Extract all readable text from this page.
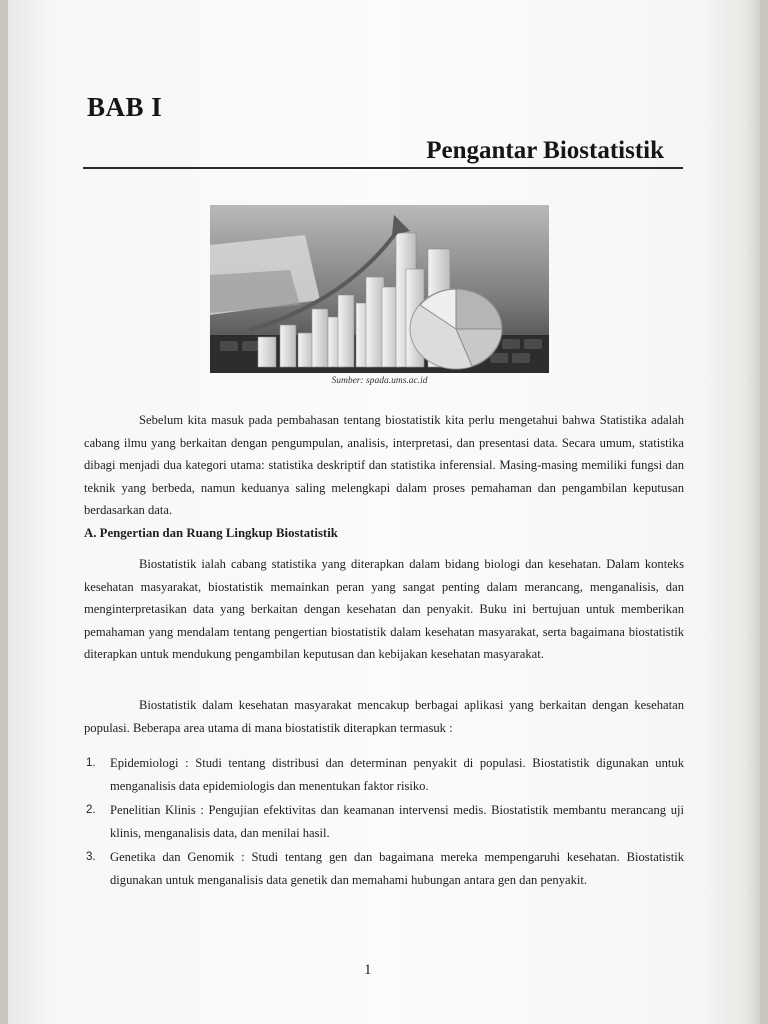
BAB I
Pengantar Biostatistik
Sumber: spada.ums.ac.id

Sebelum kita masuk pada pembahasan tentang biostatistik kita perlu mengetahui bahwa Statistika adalah cabang ilmu yang berkaitan dengan pengumpulan, analisis, interpretasi, dan presentasi data. Secara umum, statistika dibagi menjadi dua kategori utama: statistika deskriptif dan statistika inferensial. Masing-masing memiliki fungsi dan teknik yang berbeda, namun keduanya saling melengkapi dalam proses pemahaman dan pengambilan keputusan berdasarkan data.

A. Pengertian dan Ruang Lingkup Biostatistik

Biostatistik ialah cabang statistika yang diterapkan dalam bidang biologi dan kesehatan. Dalam konteks kesehatan masyarakat, biostatistik memainkan peran yang sangat penting dalam merancang, menganalisis, dan menginterpretasikan data yang berkaitan dengan kesehatan dan penyakit. Buku ini bertujuan untuk memberikan pemahaman yang mendalam tentang pengertian biostatistik dalam kesehatan masyarakat, serta bagaimana biostatistik diterapkan untuk mendukung pengambilan keputusan dan kebijakan kesehatan masyarakat.

Biostatistik dalam kesehatan masyarakat mencakup berbagai aplikasi yang berkaitan dengan kesehatan populasi. Beberapa area utama di mana biostatistik diterapkan termasuk :

1. Epidemiologi : Studi tentang distribusi dan determinan penyakit di populasi. Biostatistik digunakan untuk menganalisis data epidemiologis dan menentukan faktor risiko.
2. Penelitian Klinis : Pengujian efektivitas dan keamanan intervensi medis. Biostatistik membantu merancang uji klinis, menganalisis data, dan menilai hasil.
3. Genetika dan Genomik : Studi tentang gen dan bagaimana mereka mempengaruhi kesehatan. Biostatistik digunakan untuk menganalisis data genetik dan memahami hubungan antara gen dan penyakit.
1
